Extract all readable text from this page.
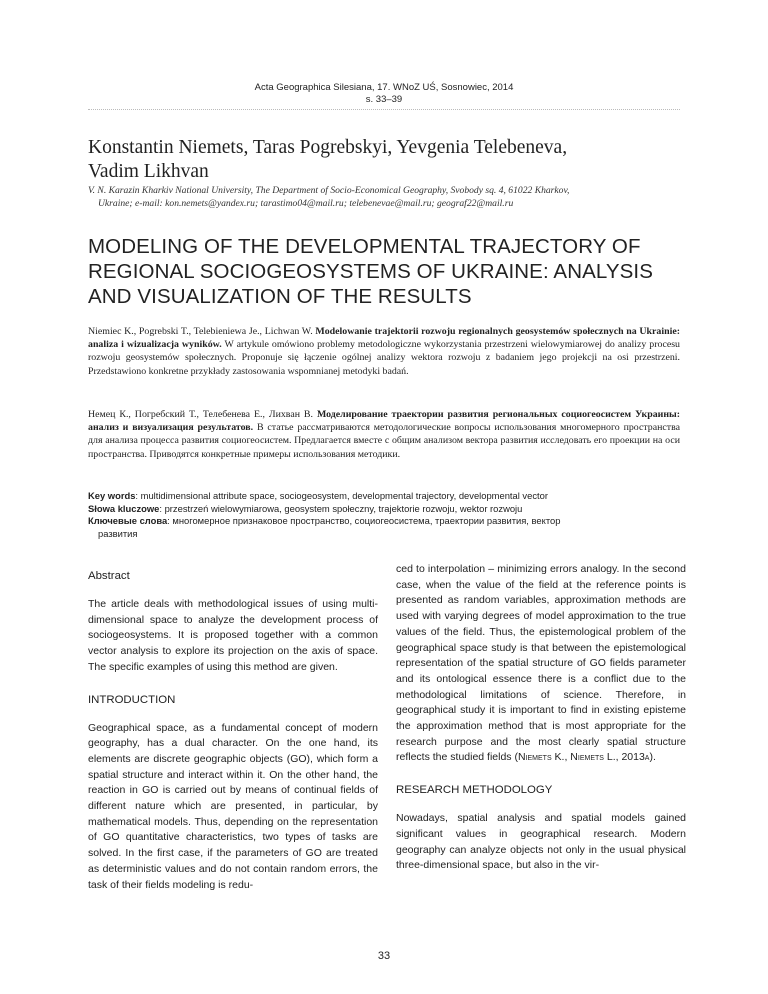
Acta Geographica Silesiana, 17. WNoZ UŚ, Sosnowiec, 2014
s. 33–39
Konstantin Niemets, Taras Pogrebskyi, Yevgenia Telebeneva,
Vadim Likhvan
V. N. Karazin Kharkiv National University, The Department of Socio-Economical Geography, Svobody sq. 4, 61022 Kharkov,
Ukraine; e-mail: kon.nemets@yandex.ru; tarastimo04@mail.ru; telebenevae@mail.ru; geograf22@mail.ru
MODELING OF THE DEVELOPMENTAL TRAJECTORY OF REGIONAL SOCIOGEOSYSTEMS OF UKRAINE: ANALYSIS AND VISUALIZATION OF THE RESULTS
Niemiec K., Pogrebski T., Telebieniewa Je., Lichwan W. Modelowanie trajektorii rozwoju regionalnych geosystemów społecznych na Ukrainie: analiza i wizualizacja wyników. W artykule omówiono problemy metodologiczne wykorzystania przestrzeni wielowymiarowej do analizy procesu rozwoju geosystemów społecznych. Proponuje się łączenie ogólnej analizy wektora rozwoju z badaniem jego projekcji na osi przestrzeni. Przedstawiono konkretne przykłady zastosowania wspomnianej metodyki badań.
Немец К., Погребский Т., Телебенева Е., Лихван В. Моделирование траектории развития региональных социогеосистем Украины: анализ и визуализация результатов. В статье рассматриваются методологические вопросы использования многомерного пространства для анализа процесса развития социогеосистем. Предлагается вместе с общим анализом вектора развития исследовать его проекции на оси пространства. Приводятся конкретные примеры использования методики.
Key words: multidimensional attribute space, sociogeosystem, developmental trajectory, developmental vector
Słowa kluczowe: przestrzeń wielowymiarowa, geosystem społeczny, trajektorie rozwoju, wektor rozwoju
Ключевые слова: многомерное признаковое пространство, социогеосистема, траектории развития, вектор
развития
Abstract

The article deals with methodological issues of using multi-dimensional space to analyze the development process of sociogeosystems. It is proposed together with a common vector analysis to explore its projection on the axis of space. The specific examples of using this method are given.

INTRODUCTION

Geographical space, as a fundamental concept of modern geography, has a dual character. On the one hand, its elements are discrete geographic objects (GO), which form a spatial structure and interact within it. On the other hand, the reaction in GO is carried out by means of continual fields of different nature which are presented, in particular, by mathematical models. Thus, depending on the representation of GO quantitative characteristics, two types of tasks are solved. In the first case, if the parameters of GO are treated as deterministic values and do not contain random errors, the task of their fields modeling is redu-

ced to interpolation – minimizing errors analogy. In the second case, when the value of the field at the reference points is presented as random variables, approximation methods are used with varying degrees of model approximation to the true values of the field. Thus, the epistemological problem of the geographical space study is that between the epistemological representation of the spatial structure of GO fields parameter and its ontological essence there is a conflict due to the methodological limitations of science. Therefore, in geographical study it is important to find in existing episteme the approximation method that is most appropriate for the research purpose and the most clearly spatial structure reflects the studied fields (Niemets K., Niemets L., 2013a).

RESEARCH METHODOLOGY

Nowadays, spatial analysis and spatial models gained significant values in geographical research. Modern geography can analyze objects not only in the usual physical three-dimensional space, but also in the vir-

33
